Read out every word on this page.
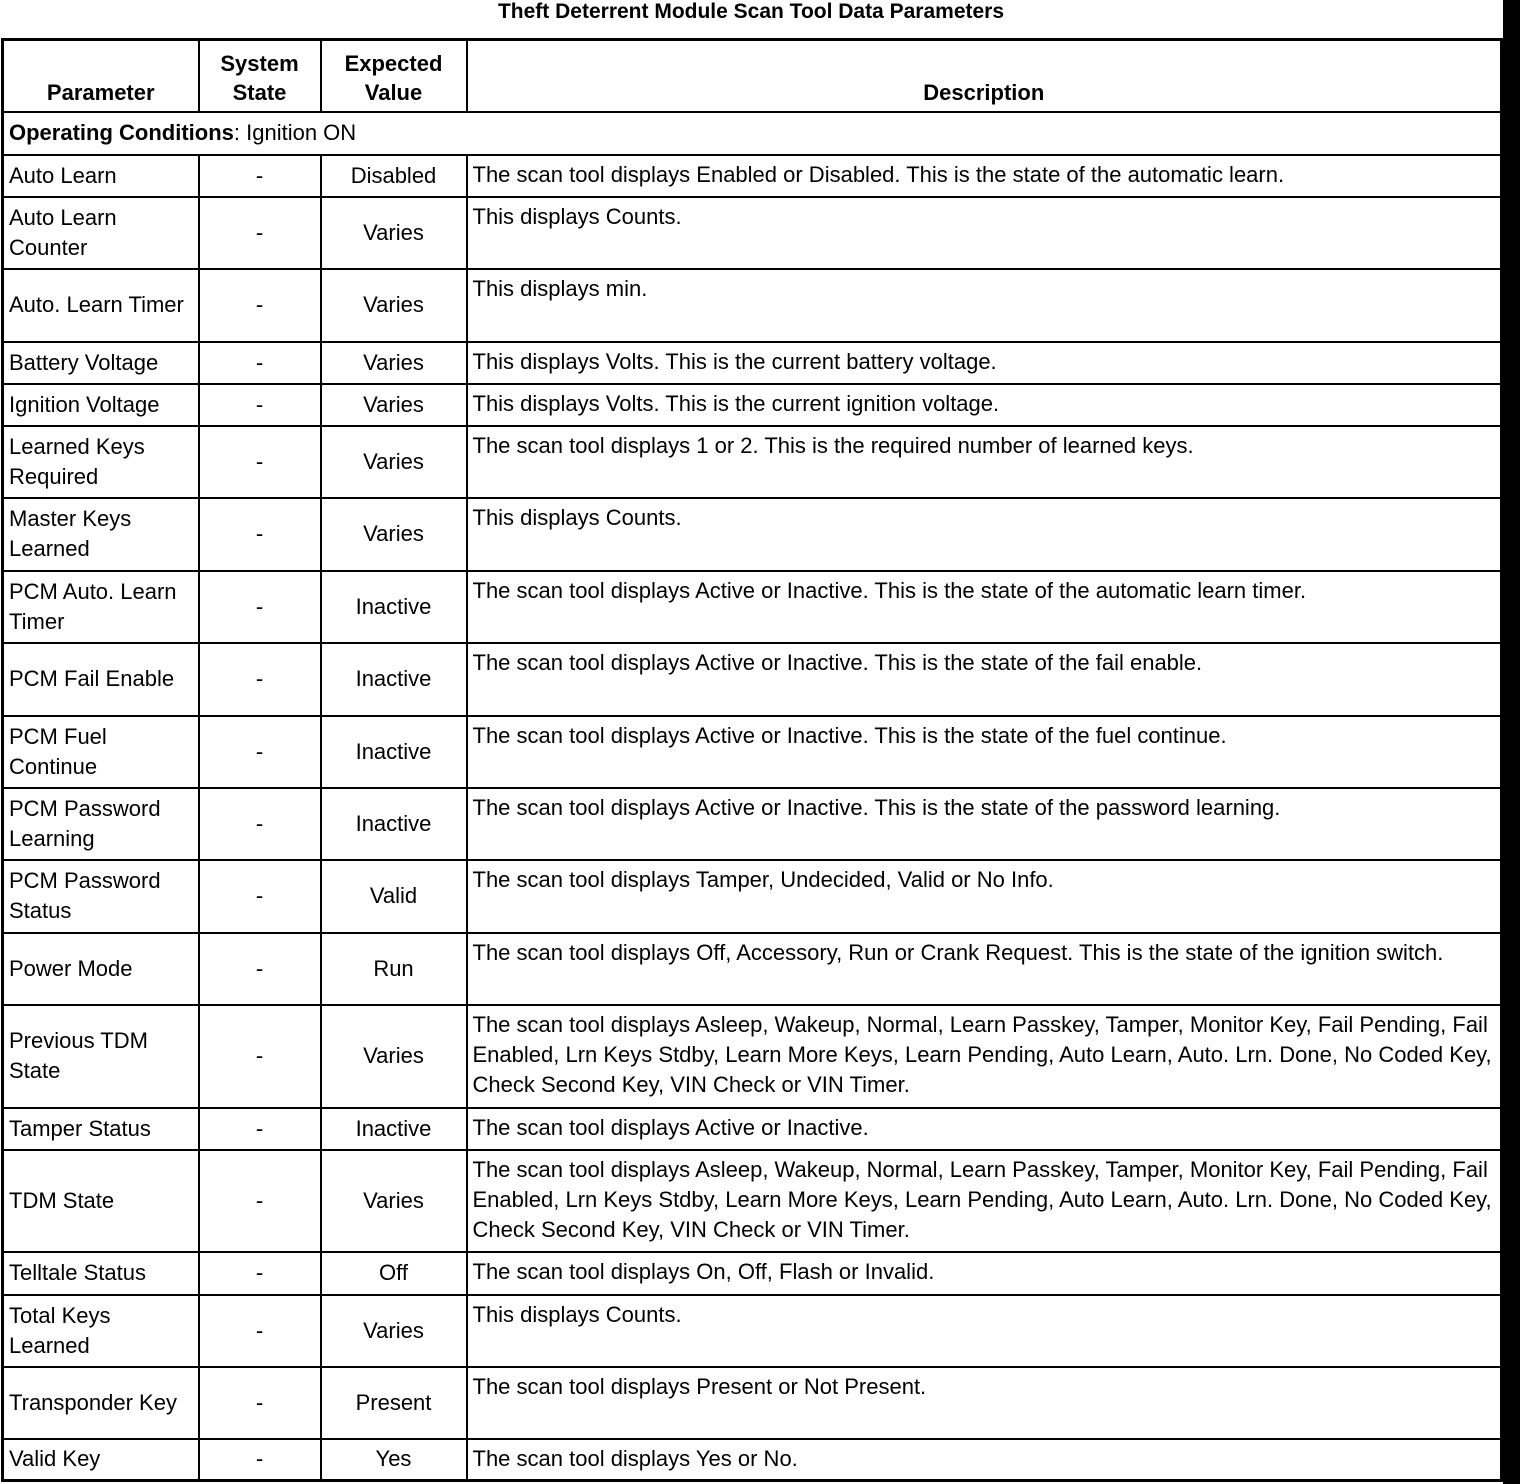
Theft Deterrent Module Scan Tool Data Parameters
Parameter	System State	Expected Value	Description
Operating Conditions: Ignition ON			
Auto Learn	-	Disabled	The scan tool displays Enabled or Disabled. This is the state of the automatic learn.
Auto Learn Counter	-	Varies	This displays Counts.
Auto. Learn Timer	-	Varies	This displays min.
Battery Voltage	-	Varies	This displays Volts. This is the current battery voltage.
Ignition Voltage	-	Varies	This displays Volts. This is the current ignition voltage.
Learned Keys Required	-	Varies	The scan tool displays 1 or 2. This is the required number of learned keys.
Master Keys Learned	-	Varies	This displays Counts.
PCM Auto. Learn Timer	-	Inactive	The scan tool displays Active or Inactive. This is the state of the automatic learn timer.
PCM Fail Enable	-	Inactive	The scan tool displays Active or Inactive. This is the state of the fail enable.
PCM Fuel Continue	-	Inactive	The scan tool displays Active or Inactive. This is the state of the fuel continue.
PCM Password Learning	-	Inactive	The scan tool displays Active or Inactive. This is the state of the password learning.
PCM Password Status	-	Valid	The scan tool displays Tamper, Undecided, Valid or No Info.
Power Mode	-	Run	The scan tool displays Off, Accessory, Run or Crank Request. This is the state of the ignition switch.
Previous TDM State	-	Varies	The scan tool displays Asleep, Wakeup, Normal, Learn Passkey, Tamper, Monitor Key, Fail Pending, Fail Enabled, Lrn Keys Stdby, Learn More Keys, Learn Pending, Auto Learn, Auto. Lrn. Done, No Coded Key, Check Second Key, VIN Check or VIN Timer.
Tamper Status	-	Inactive	The scan tool displays Active or Inactive.
TDM State	-	Varies	The scan tool displays Asleep, Wakeup, Normal, Learn Passkey, Tamper, Monitor Key, Fail Pending, Fail Enabled, Lrn Keys Stdby, Learn More Keys, Learn Pending, Auto Learn, Auto. Lrn. Done, No Coded Key, Check Second Key, VIN Check or VIN Timer.
Telltale Status	-	Off	The scan tool displays On, Off, Flash or Invalid.
Total Keys Learned	-	Varies	This displays Counts.
Transponder Key	-	Present	The scan tool displays Present or Not Present.
Valid Key	-	Yes	The scan tool displays Yes or No.
